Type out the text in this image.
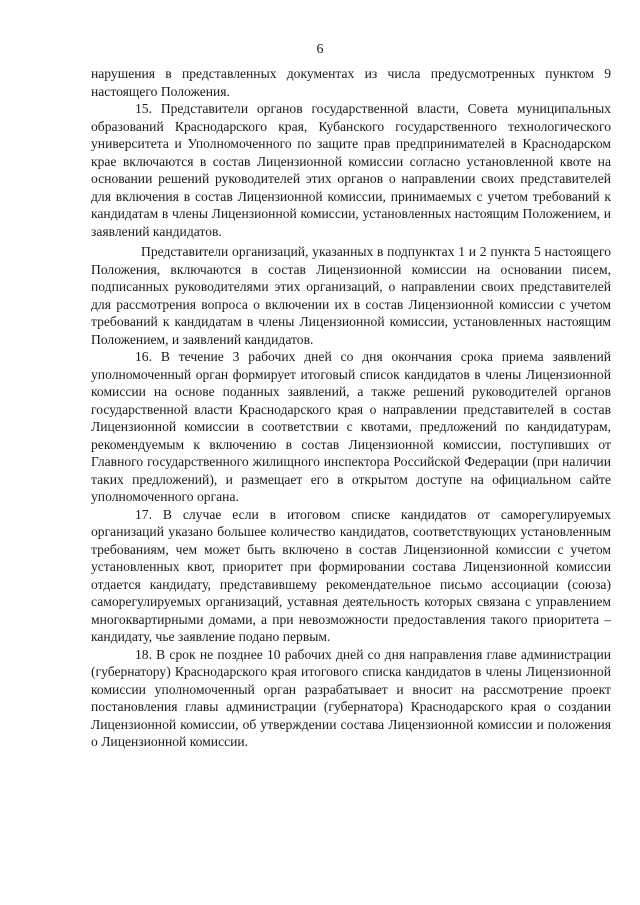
6

нарушения в представленных документах из числа предусмотренных пунктом 9 настоящего Положения.

15. Представители органов государственной власти, Совета муниципальных образований Краснодарского края, Кубанского государственного технологического университета и Уполномоченного по защите прав предпринимателей в Краснодарском крае включаются в состав Лицензионной комиссии согласно установленной квоте на основании решений руководителей этих органов о направлении своих представителей для включения в состав Лицензионной комиссии, принимаемых с учетом требований к кандидатам в члены Лицензионной комиссии, установленных настоящим Положением, и заявлений кандидатов.

Представители организаций, указанных в подпунктах 1 и 2 пункта 5 настоящего Положения, включаются в состав Лицензионной комиссии на основании писем, подписанных руководителями этих организаций, о направлении своих представителей для рассмотрения вопроса о включении их в состав Лицензионной комиссии с учетом требований к кандидатам в члены Лицензионной комиссии, установленных настоящим Положением, и заявлений кандидатов.

16. В течение 3 рабочих дней со дня окончания срока приема заявлений уполномоченный орган формирует итоговый список кандидатов в члены Лицензионной комиссии на основе поданных заявлений, а также решений руководителей органов государственной власти Краснодарского края о направлении представителей в состав Лицензионной комиссии в соответствии с квотами, предложений по кандидатурам, рекомендуемым к включению в состав Лицензионной комиссии, поступивших от Главного государственного жилищного инспектора Российской Федерации (при наличии таких предложений), и размещает его в открытом доступе на официальном сайте уполномоченного органа.

17. В случае если в итоговом списке кандидатов от саморегулируемых организаций указано большее количество кандидатов, соответствующих установленным требованиям, чем может быть включено в состав Лицензионной комиссии с учетом установленных квот, приоритет при формировании состава Лицензионной комиссии отдается кандидату, представившему рекомендательное письмо ассоциации (союза) саморегулируемых организаций, уставная деятельность которых связана с управлением многоквартирными домами, а при невозможности предоставления такого приоритета – кандидату, чье заявление подано первым.

18. В срок не позднее 10 рабочих дней со дня направления главе администрации (губернатору) Краснодарского края итогового списка кандидатов в члены Лицензионной комиссии уполномоченный орган разрабатывает и вносит на рассмотрение проект постановления главы администрации (губернатора) Краснодарского края о создании Лицензионной комиссии, об утверждении состава Лицензионной комиссии и положения о Лицензионной комиссии.
